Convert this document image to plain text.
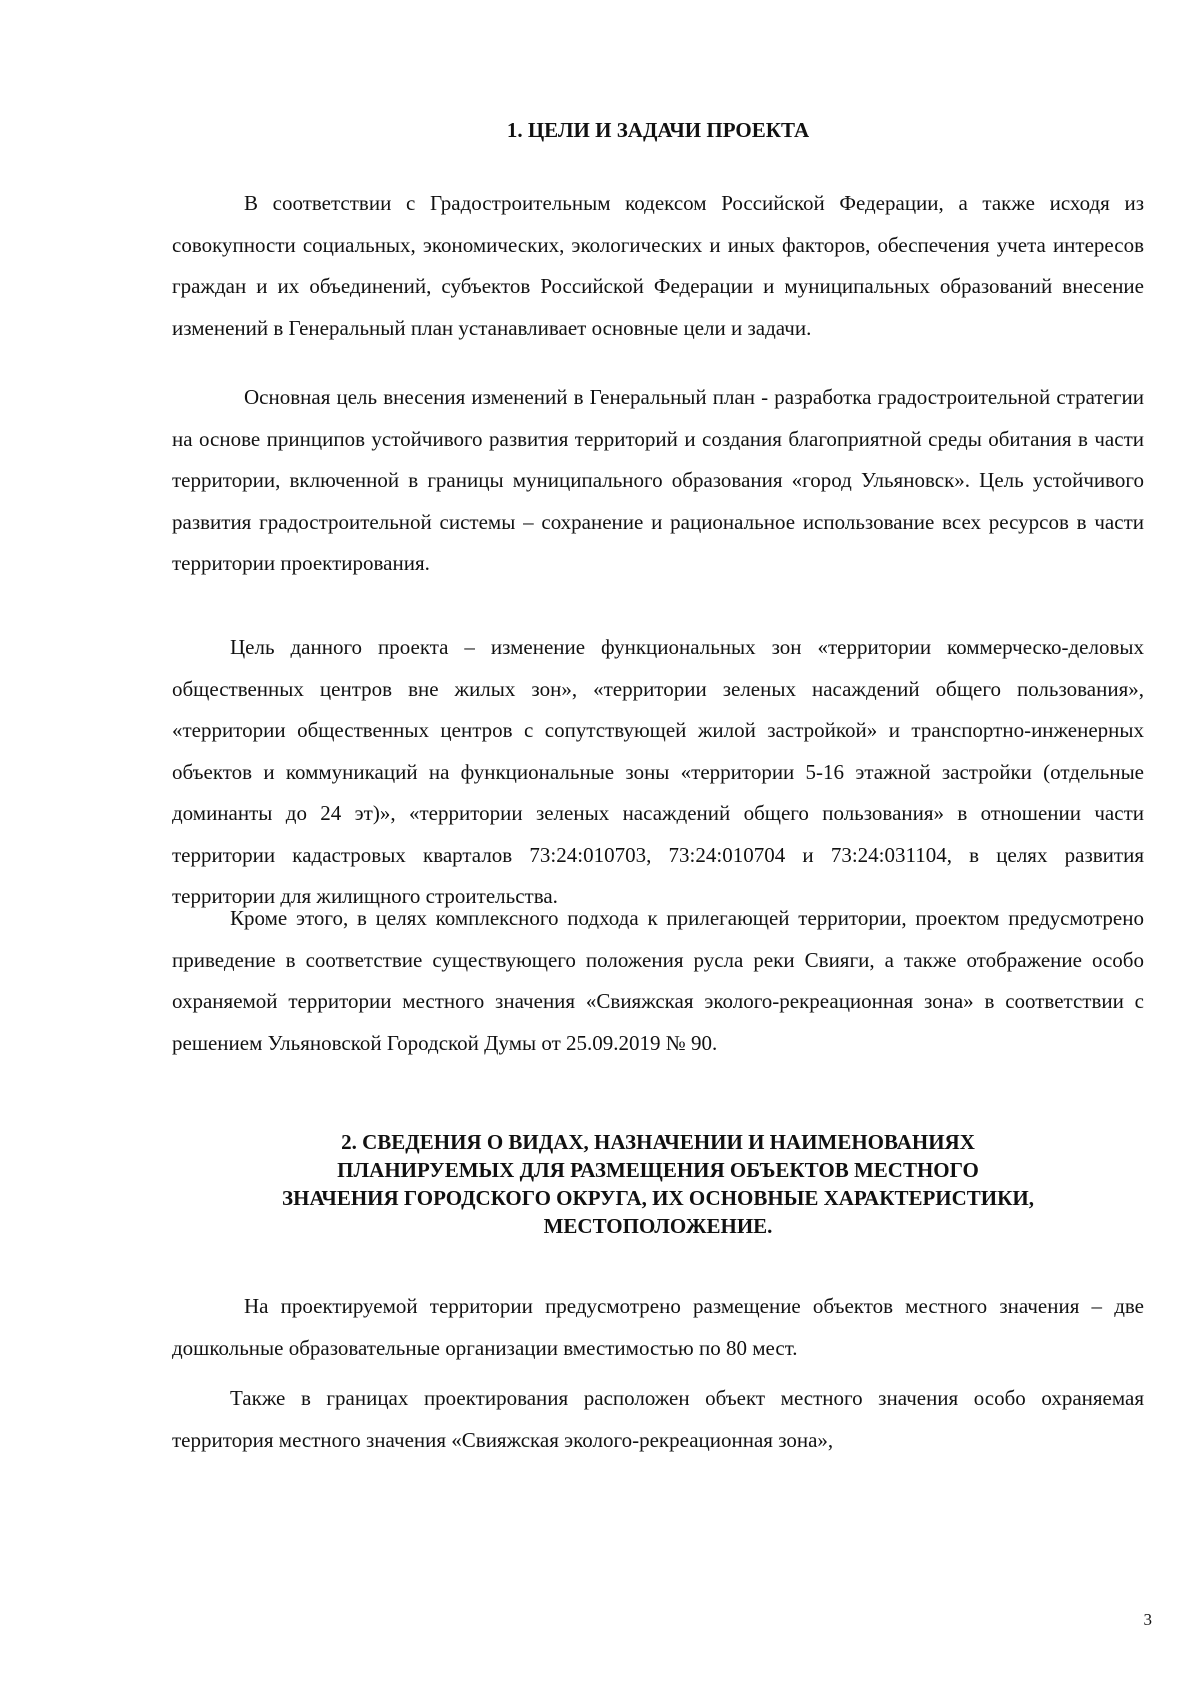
1. ЦЕЛИ И ЗАДАЧИ ПРОЕКТА

В соответствии с Градостроительным кодексом Российской Федерации, а также исходя из совокупности социальных, экономических, экологических и иных факторов, обеспечения учета интересов граждан и их объединений, субъектов Российской Федерации и муниципальных образований внесение изменений в Генеральный план устанавливает основные цели и задачи.

Основная цель внесения изменений в Генеральный план - разработка градостроительной стратегии на основе принципов устойчивого развития территорий и создания благоприятной среды обитания в части территории, включенной в границы муниципального образования «город Ульяновск». Цель устойчивого развития градостроительной системы – сохранение и рациональное использование всех ресурсов в части территории проектирования.

Цель данного проекта – изменение функциональных зон «территории коммерческо-деловых общественных центров вне жилых зон», «территории зеленых насаждений общего пользования», «территории общественных центров с сопутствующей жилой застройкой» и транспортно-инженерных объектов и коммуникаций на функциональные зоны «территории 5-16 этажной застройки (отдельные доминанты до 24 эт)», «территории зеленых насаждений общего пользования» в отношении части территории кадастровых кварталов 73:24:010703, 73:24:010704 и 73:24:031104, в целях развития территории для жилищного строительства.

Кроме этого, в целях комплексного подхода к прилегающей территории, проектом предусмотрено приведение в соответствие существующего положения русла реки Свияги, а также отображение особо охраняемой территории местного значения «Свияжская эколого-рекреационная зона» в соответствии с решением Ульяновской Городской Думы от 25.09.2019 № 90.

2. СВЕДЕНИЯ О ВИДАХ, НАЗНАЧЕНИИ И НАИМЕНОВАНИЯХ
ПЛАНИРУЕМЫХ ДЛЯ РАЗМЕЩЕНИЯ ОБЪЕКТОВ МЕСТНОГО
ЗНАЧЕНИЯ ГОРОДСКОГО ОКРУГА, ИХ ОСНОВНЫЕ ХАРАКТЕРИСТИКИ,
МЕСТОПОЛОЖЕНИЕ.

На проектируемой территории предусмотрено размещение объектов местного значения – две дошкольные образовательные организации вместимостью по 80 мест.

Также в границах проектирования расположен объект местного значения особо охраняемая территория местного значения «Свияжская эколого-рекреационная зона»,

3
